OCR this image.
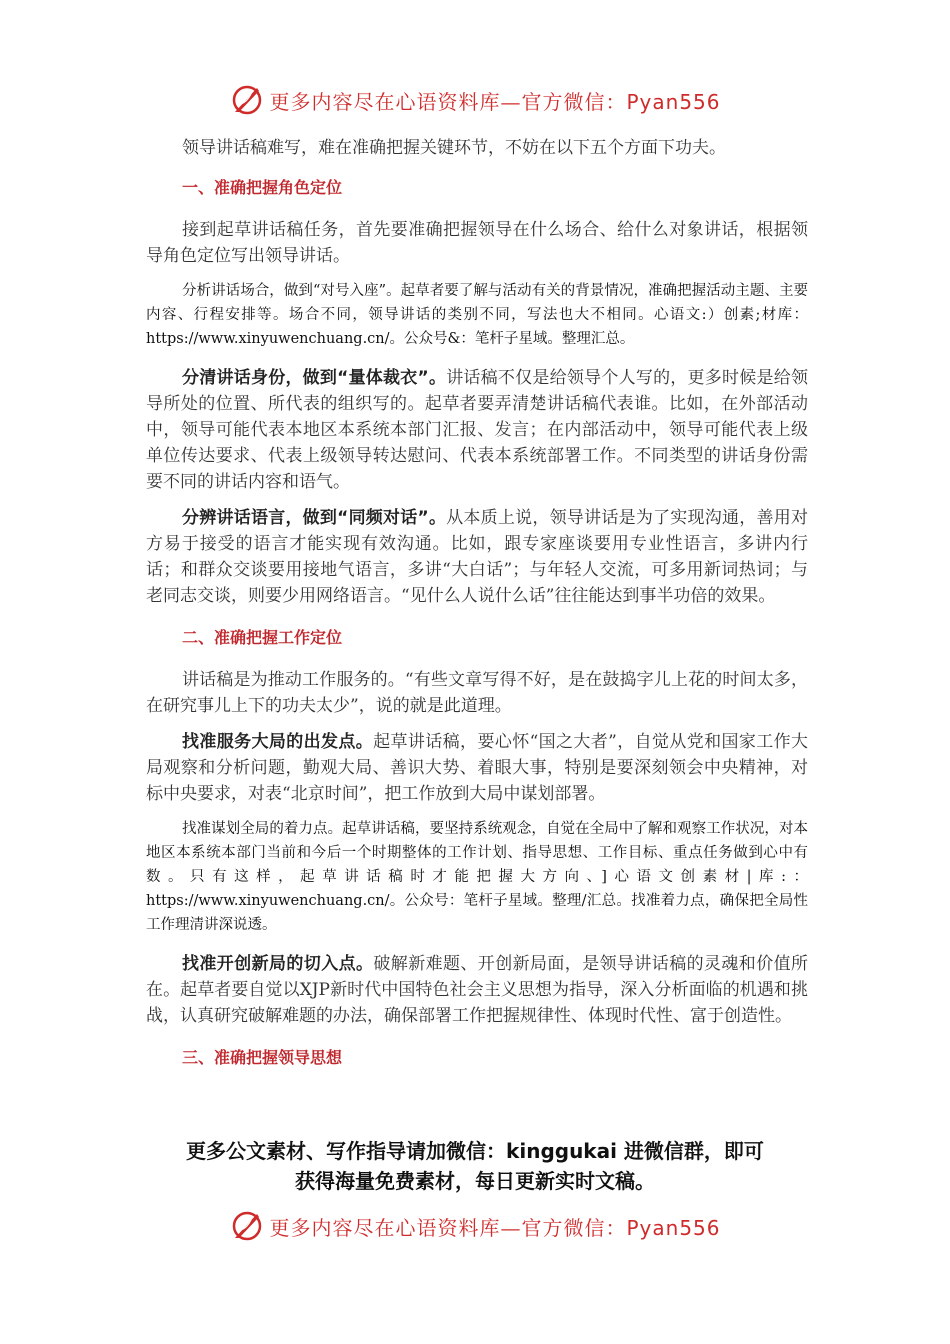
更多内容尽在心语资料库—官方微信：Pyan556

领导讲话稿难写，难在准确把握关键环节，不妨在以下五个方面下功夫。

一、准确把握角色定位

接到起草讲话稿任务，首先要准确把握领导在什么场合、给什么对象讲话，根据领导角色定位写出领导讲话。

分析讲话场合，做到“对号入座”。起草者要了解与活动有关的背景情况，准确把握活动主题、主要内容、行程安排等。场合不同，领导讲话的类别不同，写法也大不相同。心语文:）创素;材库：https://www.xinyuwenchuang.cn/。公众号&：笔杆子星域。整理汇总。

分清讲话身份，做到“量体裁衣”。讲话稿不仅是给领导个人写的，更多时候是给领导所处的位置、所代表的组织写的。起草者要弄清楚讲话稿代表谁。比如，在外部活动中，领导可能代表本地区本系统本部门汇报、发言；在内部活动中，领导可能代表上级单位传达要求、代表上级领导转达慰问、代表本系统部署工作。不同类型的讲话身份需要不同的讲话内容和语气。

分辨讲话语言，做到“同频对话”。从本质上说，领导讲话是为了实现沟通，善用对方易于接受的语言才能实现有效沟通。比如，跟专家座谈要用专业性语言，多讲内行话；和群众交谈要用接地气语言，多讲“大白话”；与年轻人交流，可多用新词热词；与老同志交谈，则要少用网络语言。“见什么人说什么话”往往能达到事半功倍的效果。

二、准确把握工作定位

讲话稿是为推动工作服务的。“有些文章写得不好，是在鼓捣字儿上花的时间太多，在研究事儿上下的功夫太少”，说的就是此道理。

找准服务大局的出发点。起草讲话稿，要心怀“国之大者”，自觉从党和国家工作大局观察和分析问题，勤观大局、善识大势、着眼大事，特别是要深刻领会中央精神，对标中央要求，对表“北京时间”，把工作放到大局中谋划部署。

找准谋划全局的着力点。起草讲话稿，要坚持系统观念，自觉在全局中了解和观察工作状况，对本地区本系统本部门当前和今后一个时期整体的工作计划、指导思想、工作目标、重点任务做到心中有数。只有这样，起草讲话稿时才能把握大方向、]心语文创素材|库:：https://www.xinyuwenchuang.cn/。公众号：笔杆子星域。整理/汇总。找准着力点，确保把全局性工作理清讲深说透。

找准开创新局的切入点。破解新难题、开创新局面，是领导讲话稿的灵魂和价值所在。起草者要自觉以XJP新时代中国特色社会主义思想为指导，深入分析面临的机遇和挑战，认真研究破解难题的办法，确保部署工作把握规律性、体现时代性、富于创造性。

三、准确把握领导思想

更多公文素材、写作指导请加微信：kinggukai 进微信群，即可
获得海量免费素材，每日更新实时文稿。
更多内容尽在心语资料库—官方微信：Pyan556
